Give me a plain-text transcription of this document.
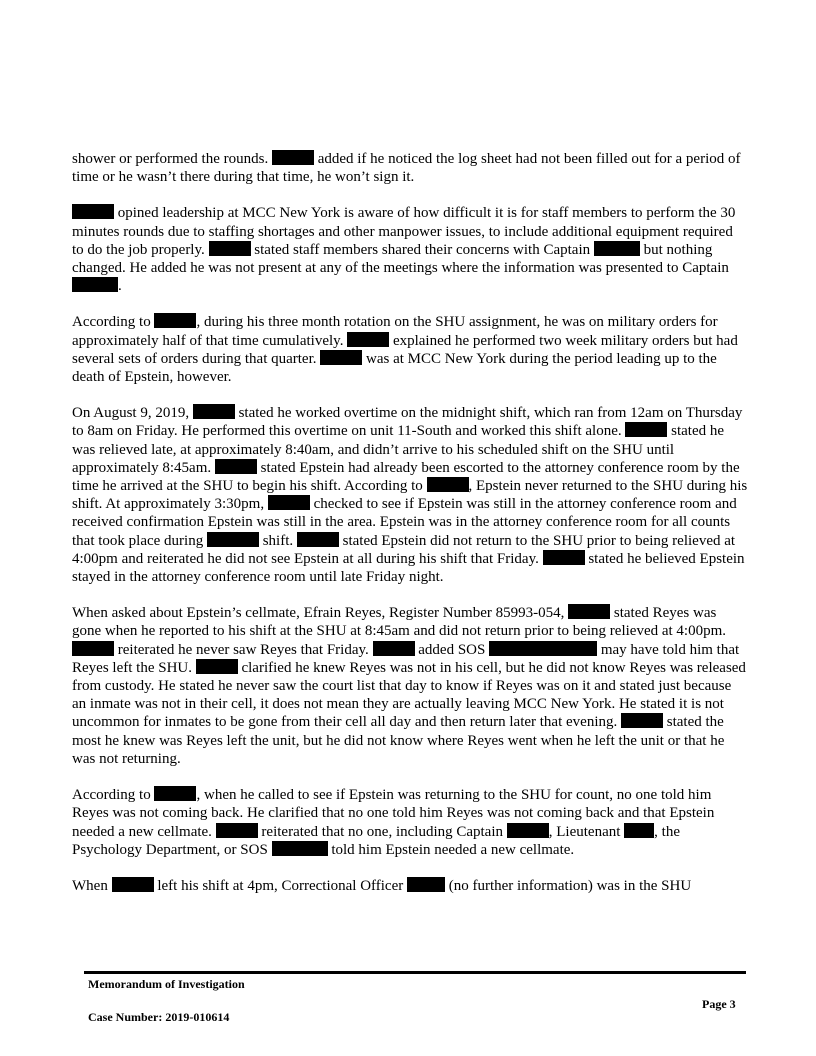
shower or performed the rounds.	added if he noticed the log sheet had not been filled out for a period of time or he wasn’t there during that time, he won’t sign it.

opined leadership at MCC New York is aware of how difficult it is for staff members to perform the 30 minutes rounds due to staffing shortages and other manpower issues, to include additional equipment required to do the job properly.	stated staff members shared their concerns with Captain	but nothing changed. He added he was not present at any of the meetings where the information was presented to Captain .

According to	, during his three month rotation on the SHU assignment, he was on military orders for approximately half of that time cumulatively.	explained he performed two week military orders but had several sets of orders during that quarter.	was at MCC New York during the period leading up to the death of Epstein, however.

On August 9, 2019,	stated he worked overtime on the midnight shift, which ran from 12am on Thursday to 8am on Friday. He performed this overtime on unit 11-South and worked this shift alone.	stated he was relieved late, at approximately 8:40am, and didn’t arrive to his scheduled shift on the SHU until approximately 8:45am.	stated Epstein had already been escorted to the attorney conference room by the time he arrived at the SHU to begin his shift. According to	, Epstein never returned to the SHU during his shift. At approximately 3:30pm,	checked to see if Epstein was still in the attorney conference room and received confirmation Epstein was still in the area. Epstein was in the attorney conference room for all counts that took place during	shift.	stated Epstein did not return to the SHU prior to being relieved at 4:00pm and reiterated he did not see Epstein at all during his shift that Friday.	stated he believed Epstein stayed in the attorney conference room until late Friday night.

When asked about Epstein’s cellmate, Efrain Reyes, Register Number 85993-054,	stated Reyes was gone when he reported to his shift at the SHU at 8:45am and did not return prior to being relieved at 4:00pm.  reiterated he never saw Reyes that Friday.	added SOS	may have told him that Reyes left the SHU.	clarified he knew Reyes was not in his cell, but he did not know Reyes was released from custody. He stated he never saw the court list that day to know if Reyes was on it and stated just because an inmate was not in their cell, it does not mean they are actually leaving MCC New York. He stated it is not uncommon for inmates to be gone from their cell all day and then return later that evening.	stated the most he knew was Reyes left the unit, but he did not know where Reyes went when he left the unit or that he was not returning.

According to	, when he called to see if Epstein was returning to the SHU for count, no one told him Reyes was not coming back. He clarified that no one told him Reyes was not coming back and that Epstein needed a new cellmate.	reiterated that no one, including Captain	, Lieutenant , the Psychology Department, or SOS	told him Epstein needed a new cellmate.

When	left his shift at 4pm, Correctional Officer	(no further information) was in the SHU

Memorandum of Investigation
Page 3
Case Number: 2019-010614
